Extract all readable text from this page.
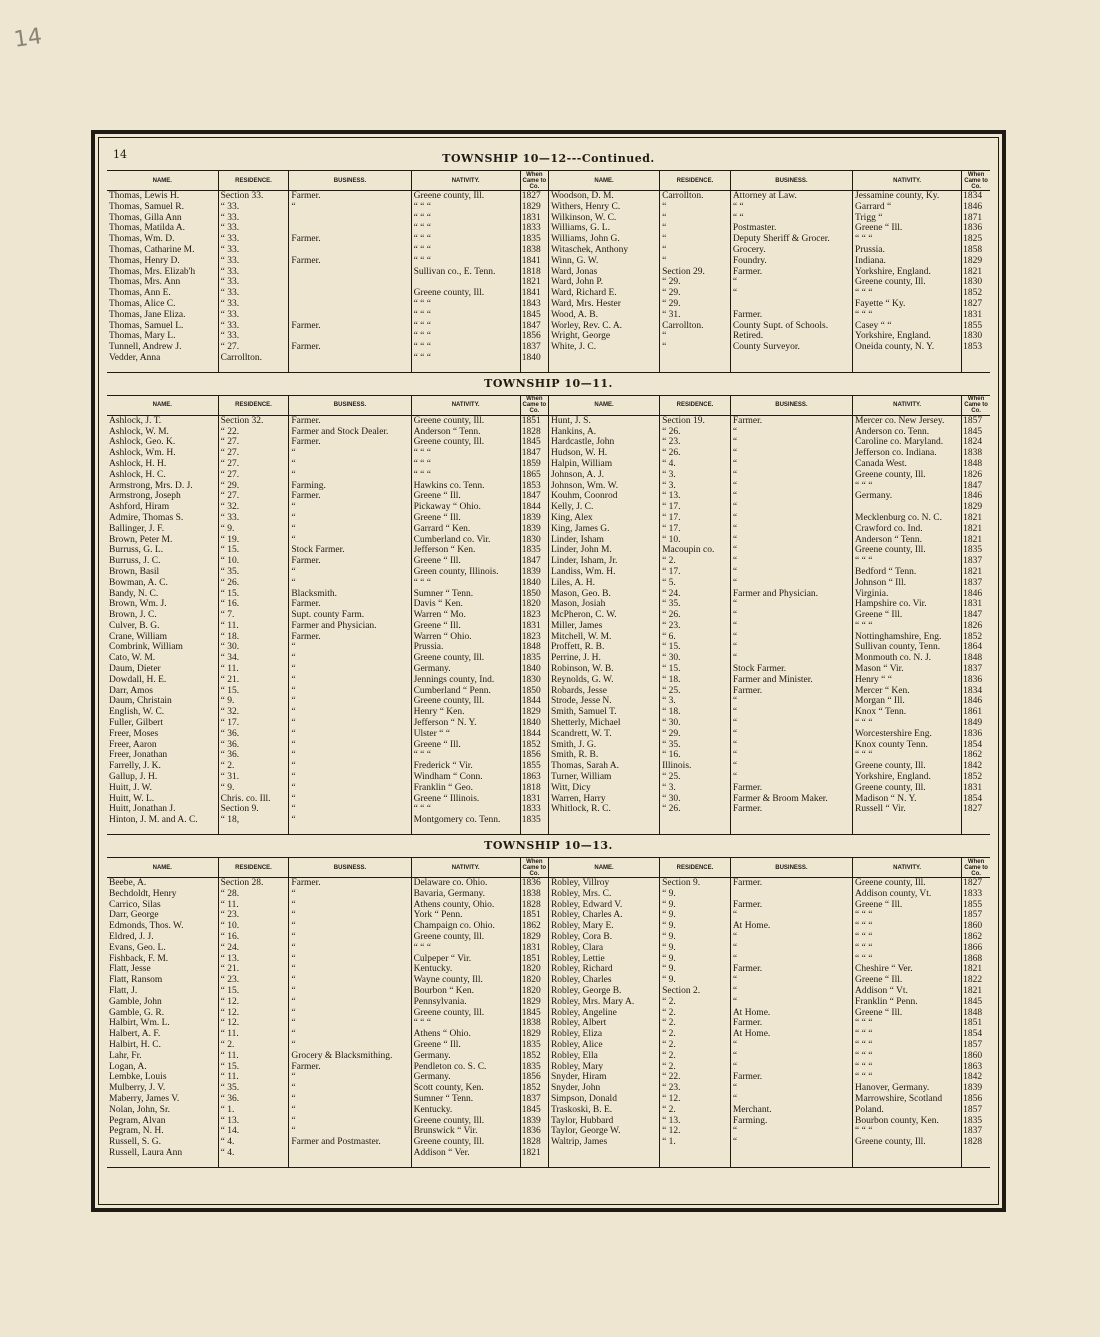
14
14	TOWNSHIP 10—12---Continued.
NAME.	RESIDENCE.	BUSINESS.	NATIVITY.	When Came to Co.	NAME.	RESIDENCE.	BUSINESS.	NATIVITY.	When Came to Co.
Thomas, Lewis H.	Section 33.	Farmer.	Greene county, Ill.	1827	Woodson, D. M.	Carrollton.	Attorney at Law.	Jessamine county, Ky.	1834
Thomas, Samuel R.	“ 33.	“	“ “ “	1829	Withers, Henry C.	“	“ “	Garrard “	1846
Thomas, Gilla Ann	“ 33.		“ “ “	1831	Wilkinson, W. C.	“	“ “	Trigg “	1871
Thomas, Matilda A.	“ 33.		“ “ “	1833	Williams, G. L.	“	Postmaster.	Greene “ Ill.	1836
Thomas, Wm. D.	“ 33.	Farmer.	“ “ “	1835	Williams, John G.	“	Deputy Sheriff & Grocer.	“ “ “	1825
Thomas, Catharine M.	“ 33.		“ “ “	1838	Witaschek, Anthony	“	Grocery.	Prussia.	1858
Thomas, Henry D.	“ 33.	Farmer.	“ “ “	1841	Winn, G. W.	“	Foundry.	Indiana.	1829
Thomas, Mrs. Elizab'h	“ 33.		Sullivan co., E. Tenn.	1818	Ward, Jonas	Section 29.	Farmer.	Yorkshire, England.	1821
Thomas, Mrs. Ann	“ 33.			1821	Ward, John P.	“ 29.	“	Greene county, Ill.	1830
Thomas, Ann E.	“ 33.		Greene county, Ill.	1841	Ward, Richard E.	“ 29.	“	“ “ “	1852
Thomas, Alice C.	“ 33.		“ “ “	1843	Ward, Mrs. Hester	“ 29.		Fayette “ Ky.	1827
Thomas, Jane Eliza.	“ 33.		“ “ “	1845	Wood, A. B.	“ 31.	Farmer.	“ “ “	1831
Thomas, Samuel L.	“ 33.	Farmer.	“ “ “	1847	Worley, Rev. C. A.	Carrollton.	County Supt. of Schools.	Casey “ “	1855
Thomas, Mary L.	“ 33.		“ “ “	1856	Wright, George	“	Retired.	Yorkshire, England.	1830
Tunnell, Andrew J.	“ 27.	Farmer.	“ “ “	1837	White, J. C.	“	County Surveyor.	Oneida county, N. Y.	1853
Vedder, Anna	Carrollton.		“ “ “	1840					

TOWNSHIP 10—11.
NAME.	RESIDENCE.	BUSINESS.	NATIVITY.	When Came to Co.	NAME.	RESIDENCE.	BUSINESS.	NATIVITY.	When Came to Co.
Ashlock, J. T.	Section 32.	Farmer.	Greene county, Ill.	1851	Hunt, J. S.	Section 19.	Farmer.	Mercer co. New Jersey.	1857
Ashlock, W. M.	“ 22.	Farmer and Stock Dealer.	Anderson “ Tenn.	1828	Hankins, A.	“ 26.	“	Anderson co. Tenn.	1845
Ashlock, Geo. K.	“ 27.	Farmer.	Greene county, Ill.	1845	Hardcastle, John	“ 23.	“	Caroline co. Maryland.	1824
Ashlock, Wm. H.	“ 27.	“	“ “ “	1847	Hudson, W. H.	“ 26.	“	Jefferson co. Indiana.	1838
Ashlock, H. H.	“ 27.	“	“ “ “	1859	Halpin, William	“ 4.	“	Canada West.	1848
Ashlock, H. C.	“ 27.	“	“ “ “	1865	Johnson, A. J.	“ 3.	“	Greene county, Ill.	1826
Armstrong, Mrs. D. J.	“ 29.	Farming.	Hawkins co. Tenn.	1853	Johnson, Wm. W.	“ 3.	“	“ “ “	1847
Armstrong, Joseph	“ 27.	Farmer.	Greene “ Ill.	1847	Kouhm, Coonrod	“ 13.	“	Germany.	1846
Ashford, Hiram	“ 32.	“	Pickaway “ Ohio.	1844	Kelly, J. C.	“ 17.	“		1829
Admire, Thomas S.	“ 33.	“	Greene “ Ill.	1839	King, Alex	“ 17.	“	Mecklenburg co. N. C.	1821
Ballinger, J. F.	“ 9.	“	Garrard “ Ken.	1839	King, James G.	“ 17.	“	Crawford co. Ind.	1821
Brown, Peter M.	“ 19.	“	Cumberland co. Vir.	1830	Linder, Isham	“ 10.	“	Anderson “ Tenn.	1821
Burruss, G. L.	“ 15.	Stock Farmer.	Jefferson “ Ken.	1835	Linder, John M.	Macoupin co.	“	Greene county, Ill.	1835
Burruss, J. C.	“ 10.	Farmer.	Greene “ Ill.	1847	Linder, Isham, Jr.	“ 2.	“	“ “ “	1837
Brown, Basil	“ 35.	“	Green county, Illinois.	1839	Landiss, Wm. H.	“ 17.	“	Bedford “ Tenn.	1821
Bowman, A. C.	“ 26.	“	“ “ “	1840	Liles, A. H.	“ 5.	“	Johnson “ Ill.	1837
Bandy, N. C.	“ 15.	Blacksmith.	Sumner “ Tenn.	1850	Mason, Geo. B.	“ 24.	Farmer and Physician.	Virginia.	1846
Brown, Wm. J.	“ 16.	Farmer.	Davis “ Ken.	1820	Mason, Josiah	“ 35.	“	Hampshire co. Vir.	1831
Brown, J. C.	“ 7.	Supt. county Farm.	Warren “ Mo.	1823	McPheron, C. W.	“ 26.	“	Greene “ Ill.	1847
Culver, B. G.	“ 11.	Farmer and Physician.	Greene “ Ill.	1831	Miller, James	“ 23.	“	“ “ “	1826
Crane, William	“ 18.	Farmer.	Warren “ Ohio.	1823	Mitchell, W. M.	“ 6.	“	Nottinghamshire, Eng.	1852
Combrink, William	“ 30.	“	Prussia.	1848	Proffett, R. B.	“ 15.	“	Sullivan county, Tenn.	1864
Cato, W. M.	“ 34.	“	Greene county, Ill.	1835	Perrine, J. H.	“ 30.	“	Monmouth co. N. J.	1848
Daum, Dieter	“ 11.	“	Germany.	1840	Robinson, W. B.	“ 15.	Stock Farmer.	Mason “ Vir.	1837
Dowdall, H. E.	“ 21.	“	Jennings county, Ind.	1830	Reynolds, G. W.	“ 18.	Farmer and Minister.	Henry “ “	1836
Darr, Amos	“ 15.	“	Cumberland “ Penn.	1850	Robards, Jesse	“ 25.	Farmer.	Mercer “ Ken.	1834
Daum, Christain	“ 9.	“	Greene county, Ill.	1844	Strode, Jesse N.	“ 3.	“	Morgan “ Ill.	1846
English, W. C.	“ 32.	“	Henry “ Ken.	1829	Smith, Samuel T.	“ 18.	“	Knox “ Tenn.	1861
Fuller, Gilbert	“ 17.	“	Jefferson “ N. Y.	1840	Shetterly, Michael	“ 30.	“	“ “ “	1849
Freer, Moses	“ 36.	“	Ulster “ “	1844	Scandrett, W. T.	“ 29.	“	Worcestershire Eng.	1836
Freer, Aaron	“ 36.	“	Greene “ Ill.	1852	Smith, J. G.	“ 35.	“	Knox county Tenn.	1854
Freer, Jonathan	“ 36.	“	“ “ “	1856	Smith, R. B.	“ 16.	“	“ “ “	1862
Farrelly, J. K.	“ 2.	“	Frederick “ Vir.	1855	Thomas, Sarah A.	Illinois.	“	Greene county, Ill.	1842
Gallup, J. H.	“ 31.	“	Windham “ Conn.	1863	Turner, William	“ 25.	“	Yorkshire, England.	1852
Huitt, J. W.	“ 9.	“	Franklin “ Geo.	1818	Witt, Dicy	“ 3.	Farmer.	Greene county, Ill.	1831
Huitt, W. L.	Chris. co. Ill.	“	Greene “ Illinois.	1831	Warren, Harry	“ 30.	Farmer & Broom Maker.	Madison “ N. Y.	1854
Huitt, Jonathan J.	Section 9.	“	“ “ “	1833	Whitlock, R. C.	“ 26.	Farmer.	Russell “ Vir.	1827
Hinton, J. M. and A. C.	“ 18,	“	Montgomery co. Tenn.	1835					

TOWNSHIP 10—13.
NAME.	RESIDENCE.	BUSINESS.	NATIVITY.	When Came to Co.	NAME.	RESIDENCE.	BUSINESS.	NATIVITY.	When Came to Co.
Beebe, A.	Section 28.	Farmer.	Delaware co. Ohio.	1836	Robley, Villroy	Section 9.	Farmer.	Greene county, Ill.	1827
Bechdoldt, Henry	“ 28.	“	Bavaria, Germany.	1838	Robley, Mrs. C.	“ 9.		Addison county, Vt.	1833
Carrico, Silas	“ 11.	“	Athens county, Ohio.	1828	Robley, Edward V.	“ 9.	Farmer.	Greene “ Ill.	1855
Darr, George	“ 23.	“	York “ Penn.	1851	Robley, Charles A.	“ 9.	“	“ “ “	1857
Edmonds, Thos. W.	“ 10.	“	Champaign co. Ohio.	1862	Robley, Mary E.	“ 9.	At Home.	“ “ “	1860
Eldred, J. J.	“ 16.	“	Greene county, Ill.	1829	Robley, Cora B.	“ 9.	“	“ “ “	1862
Evans, Geo. L.	“ 24.	“	“ “ “	1831	Robley, Clara	“ 9.	“	“ “ “	1866
Fishback, F. M.	“ 13.	“	Culpeper “ Vir.	1851	Robley, Lettie	“ 9.	“	“ “ “	1868
Flatt, Jesse	“ 21.	“	Kentucky.	1820	Robley, Richard	“ 9.	Farmer.	Cheshire “ Ver.	1821
Flatt, Ransom	“ 23.	“	Wayne county, Ill.	1820	Robley, Charles	“ 9.	“	Greene “ Ill.	1822
Flatt, J.	“ 15.	“	Bourbon “ Ken.	1820	Robley, George B.	Section 2.	“	Addison “ Vt.	1821
Gamble, John	“ 12.	“	Pennsylvania.	1829	Robley, Mrs. Mary A.	“ 2.	“	Franklin “ Penn.	1845
Gamble, G. R.	“ 12.	“	Greene county, Ill.	1845	Robley, Angeline	“ 2.	At Home.	Greene “ Ill.	1848
Halbirt, Wm. L.	“ 12.	“	“ “ “	1838	Robley, Albert	“ 2.	Farmer.	“ “ “	1851
Halbert, A. F.	“ 11.	“	Athens “ Ohio.	1829	Robley, Eliza	“ 2.	At Home.	“ “ “	1854
Halbirt, H. C.	“ 2.	“	Greene “ Ill.	1835	Robley, Alice	“ 2.	“	“ “ “	1857
Lahr, Fr.	“ 11.	Grocery & Blacksmithing.	Germany.	1852	Robley, Ella	“ 2.	“	“ “ “	1860
Logan, A.	“ 15.	Farmer.	Pendleton co. S. C.	1835	Robley, Mary	“ 2.	“	“ “ “	1863
Lembke, Louis	“ 11.	“	Germany.	1856	Snyder, Hiram	“ 22.	Farmer.	“ “ “	1842
Mulberry, J. V.	“ 35.	“	Scott county, Ken.	1852	Snyder, John	“ 23.	“	Hanover, Germany.	1839
Maberry, James V.	“ 36.	“	Sumner “ Tenn.	1837	Simpson, Donald	“ 12.	“	Marrowshire, Scotland	1856
Nolan, John, Sr.	“ 1.	“	Kentucky.	1845	Traskoski, B. E.	“ 2.	Merchant.	Poland.	1857
Pegram, Alvan	“ 13.	“	Greene county, Ill.	1839	Taylor, Hubbard	“ 13.	Farming.	Bourbon county, Ken.	1835
Pegram, N. H.	“ 14.	“	Brunswick “ Vir.	1836	Taylor, George W.	“ 12.	“	“ “ “	1837
Russell, S. G.	“ 4.	Farmer and Postmaster.	Greene county, Ill.	1828	Waltrip, James	“ 1.	“	Greene county, Ill.	1828
Russell, Laura Ann	“ 4.		Addison “ Ver.	1821					
